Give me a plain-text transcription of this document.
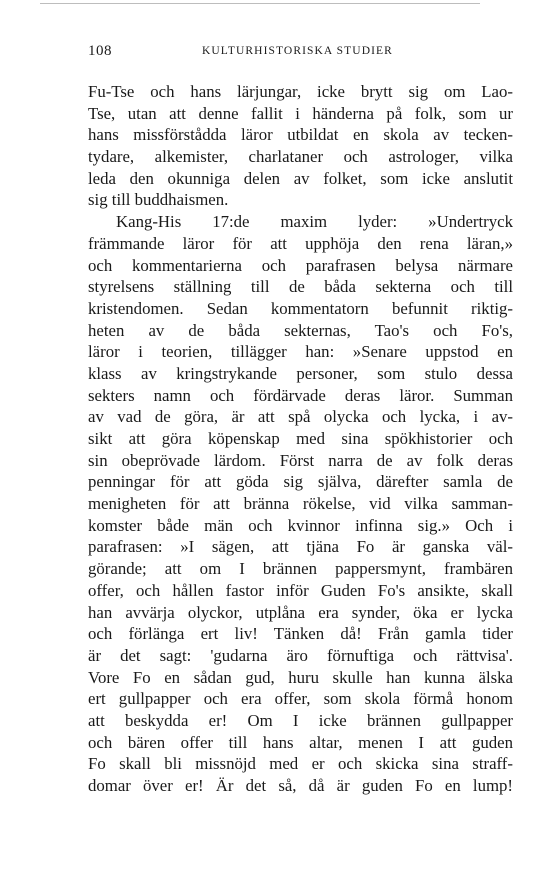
108	KULTURHISTORISKA STUDIER
Fu-Tse och hans lärjungar, icke brytt sig om Lao-
Tse, utan att denne fallit i händerna på folk, som ur
hans missförstådda läror utbildat en skola av tecken-
tydare, alkemister, charlataner och astrologer, vilka
leda den okunniga delen av folket, som icke anslutit
sig till buddhaismen.
Kang-His 17:de maxim lyder: »Undertryck
främmande läror för att upphöja den rena läran,»
och kommentarierna och parafrasen belysa närmare
styrelsens ställning till de båda sekterna och till
kristendomen. Sedan kommentatorn befunnit riktig-
heten av de båda sekternas, Tao's och Fo's,
läror i teorien, tillägger han: »Senare uppstod en
klass av kringstrykande personer, som stulo dessa
sekters namn och fördärvade deras läror. Summan
av vad de göra, är att spå olycka och lycka, i av-
sikt att göra köpenskap med sina spökhistorier och
sin obeprövade lärdom. Först narra de av folk deras
penningar för att göda sig själva, därefter samla de
menigheten för att bränna rökelse, vid vilka samman-
komster både män och kvinnor infinna sig.» Och i
parafrasen: »I sägen, att tjäna Fo är ganska väl-
görande; att om I brännen pappersmynt, frambären
offer, och hållen fastor inför Guden Fo's ansikte, skall
han avvärja olyckor, utplåna era synder, öka er lycka
och förlänga ert liv! Tänken då! Från gamla tider
är det sagt: 'gudarna äro förnuftiga och rättvisa'.
Vore Fo en sådan gud, huru skulle han kunna älska
ert gullpapper och era offer, som skola förmå honom
att beskydda er! Om I icke brännen gullpapper
och bären offer till hans altar, menen I att guden
Fo skall bli missnöjd med er och skicka sina straff-
domar över er! Är det så, då är guden Fo en lump!
